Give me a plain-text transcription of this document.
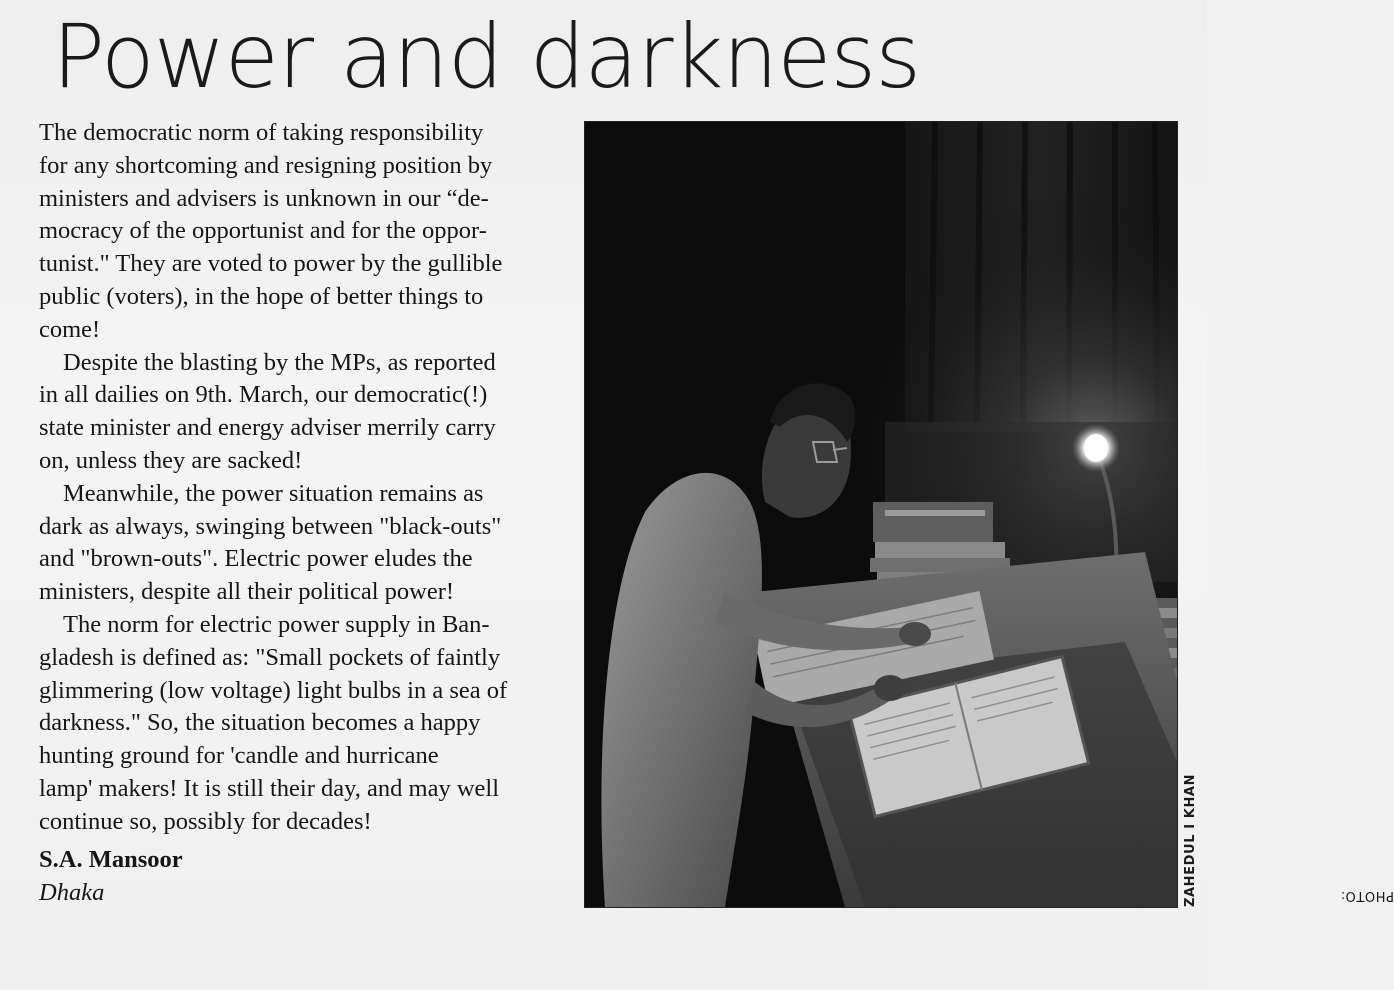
Power and darkness
The democratic norm of taking responsibility
for any shortcoming and resigning position by
ministers and advisers is unknown in our “de-
mocracy of the opportunist and for the oppor-
tunist." They are voted to power by the gullible
public (voters), in the hope of better things to
come!
Despite the blasting by the MPs, as reported
in all dailies on 9th. March, our democratic(!)
state minister and energy adviser merrily carry
on, unless they are sacked!
Meanwhile, the power situation remains as
dark as always, swinging between "black-outs"
and "brown-outs". Electric power eludes the
ministers, despite all their political power!
The norm for electric power supply in Ban-
gladesh is defined as: "Small pockets of faintly
glimmering (low voltage) light bulbs in a sea of
darkness." So, the situation becomes a happy
hunting ground for 'candle and hurricane
lamp' makers! It is still their day, and may well
continue so, possibly for decades!
S.A. Mansoor
Dhaka	PHOTO:
ZAHEDUL I KHAN
